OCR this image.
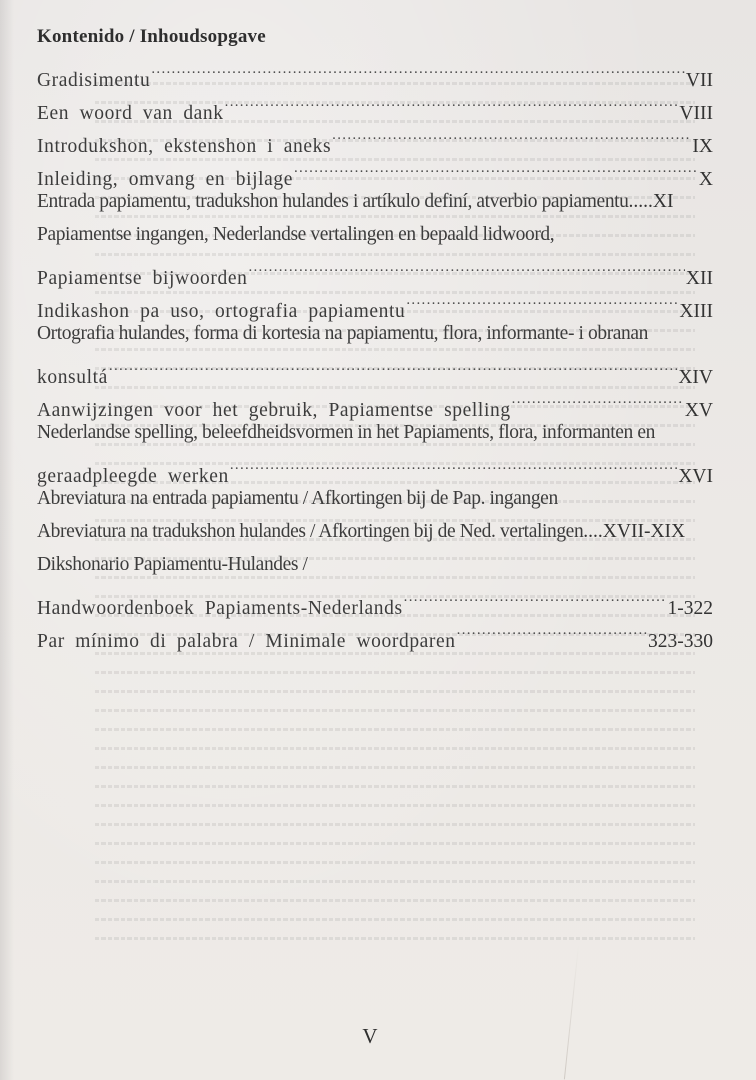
Kontenido / Inhoudsopgave
Gradisimentu .....	VII
Een woord van dank .....	VIII
Introdukshon, ekstenshon i aneks .....	IX
Inleiding, omvang en bijlage .....	X
Entrada papiamentu, tradukshon hulandes i artíkulo definí, atverbio papiamentu ..... XI
Papiamentse ingangen, Nederlandse vertalingen en bepaald lidwoord,
Papiamentse bijwoorden .....	XII
Indikashon pa uso, ortografia papiamentu .....	XIII
Ortografia hulandes, forma di kortesia na papiamentu, flora, informante- i obranan
konsultá .....	XIV
Aanwijzingen voor het gebruik, Papiamentse spelling .....	XV
Nederlandse spelling, beleefdheidsvormen in het Papiaments, flora, informanten en
geraadpleegde werken .....	XVI
Abreviatura na entrada papiamentu / Afkortingen bij de Pap. ingangen
Abreviatura na tradukshon hulandes / Afkortingen bij de Ned. vertalingen .... XVII-XIX
Dikshonario Papiamentu-Hulandes /
Handwoordenboek Papiaments-Nederlands .....	1-322
Par mínimo di palabra / Minimale woordparen .....	323-330
V
